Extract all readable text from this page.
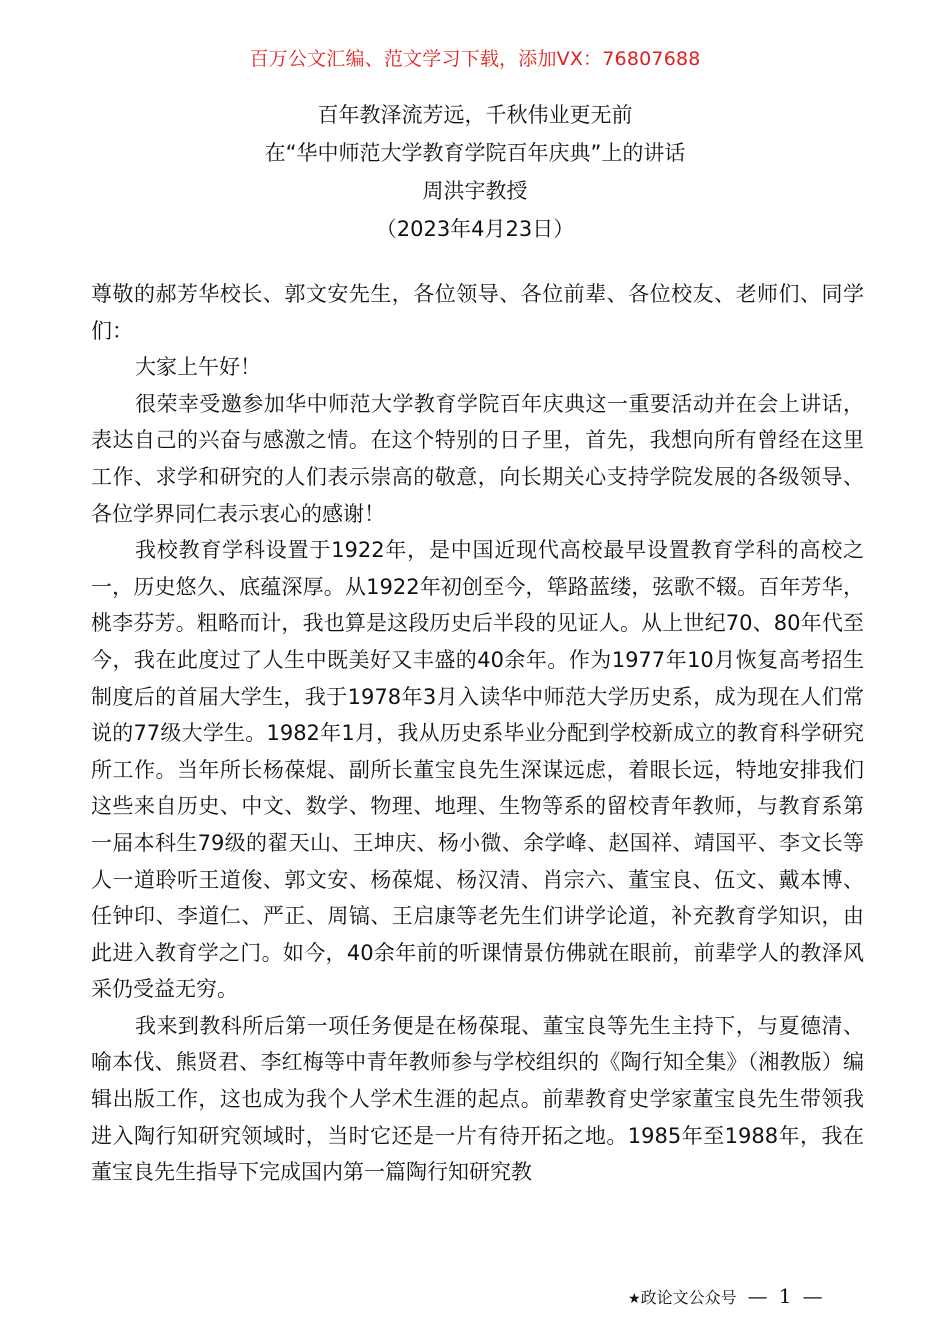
百万公文汇编、范文学习下载，添加VX：76807688
百年教泽流芳远，千秋伟业更无前
在“华中师范大学教育学院百年庆典”上的讲话
周洪宇教授
（2023年4月23日）

尊敬的郝芳华校长、郭文安先生，各位领导、各位前辈、各位校友、老师们、同学们：

大家上午好！

很荣幸受邀参加华中师范大学教育学院百年庆典这一重要活动并在会上讲话，表达自己的兴奋与感激之情。在这个特别的日子里，首先，我想向所有曾经在这里工作、求学和研究的人们表示崇高的敬意，向长期关心支持学院发展的各级领导、各位学界同仁表示衷心的感谢！

我校教育学科设置于1922年，是中国近现代高校最早设置教育学科的高校之一，历史悠久、底蕴深厚。从1922年初创至今，筚路蓝缕，弦歌不辍。百年芳华，桃李芬芳。粗略而计，我也算是这段历史后半段的见证人。从上世纪70、80年代至今，我在此度过了人生中既美好又丰盛的40余年。作为1977年10月恢复高考招生制度后的首届大学生，我于1978年3月入读华中师范大学历史系，成为现在人们常说的77级大学生。1982年1月，我从历史系毕业分配到学校新成立的教育科学研究所工作。当年所长杨葆焜、副所长董宝良先生深谋远虑，着眼长远，特地安排我们这些来自历史、中文、数学、物理、地理、生物等系的留校青年教师，与教育系第一届本科生79级的翟天山、王坤庆、杨小微、余学峰、赵国祥、靖国平、李文长等人一道聆听王道俊、郭文安、杨葆焜、杨汉清、肖宗六、董宝良、伍文、戴本博、任钟印、李道仁、严正、周镐、王启康等老先生们讲学论道，补充教育学知识，由此进入教育学之门。如今，40余年前的听课情景仿佛就在眼前，前辈学人的教泽风采仍受益无穷。

我来到教科所后第一项任务便是在杨葆琨、董宝良等先生主持下，与夏德清、喻本伐、熊贤君、李红梅等中青年教师参与学校组织的《陶行知全集》（湘教版）编辑出版工作，这也成为我个人学术生涯的起点。前辈教育史学家董宝良先生带领我进入陶行知研究领域时，当时它还是一片有待开拓之地。1985年至1988年，我在董宝良先生指导下完成国内第一篇陶行知研究教

★政论文公众号 — 1 —
